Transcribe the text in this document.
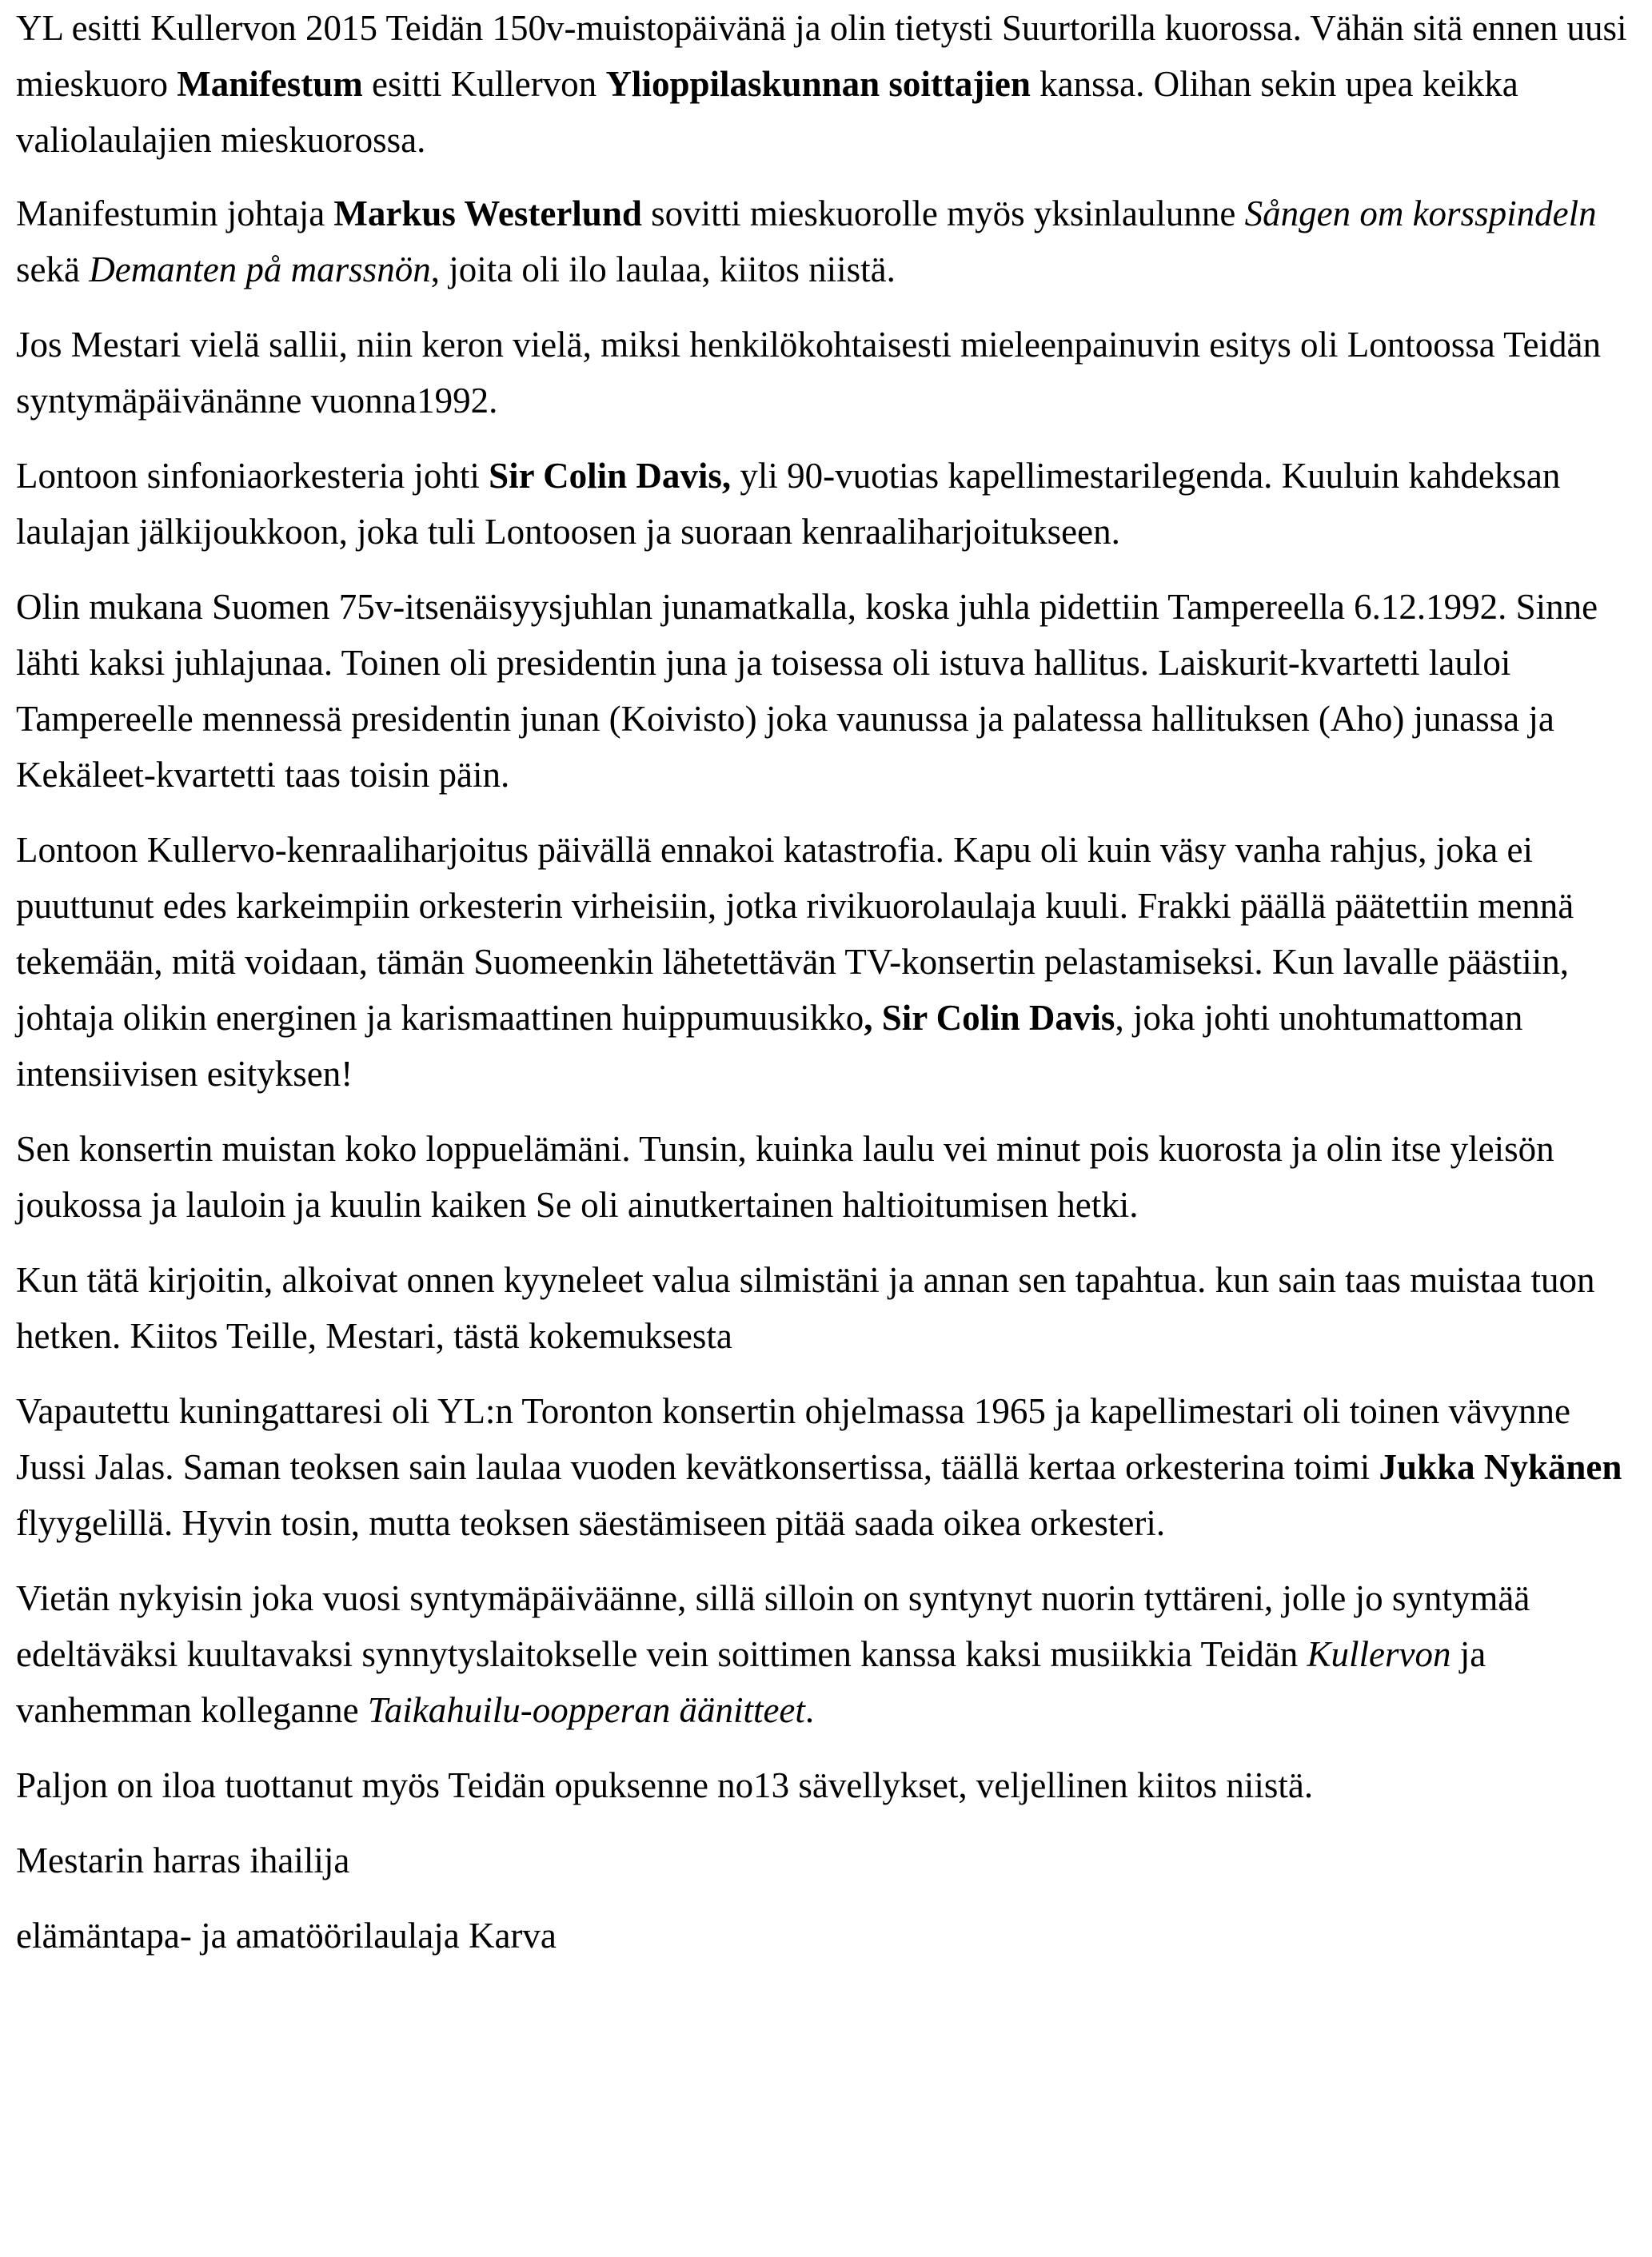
YL esitti Kullervon 2015 Teidän 150v-muistopäivänä ja olin tietysti Suurtorilla kuorossa. Vähän sitä ennen uusi mieskuoro Manifestum esitti Kullervon Ylioppilaskunnan soittajien kanssa. Olihan sekin upea keikka valiolaulajien mieskuorossa.

Manifestumin johtaja Markus Westerlund sovitti mieskuorolle myös yksinlaulunne Sången om korsspindeln sekä Demanten på marssnön, joita oli ilo laulaa, kiitos niistä.

Jos Mestari vielä sallii, niin keron vielä, miksi henkilökohtaisesti mieleenpainuvin esitys oli Lontoossa Teidän syntymäpäivänänne vuonna1992.

Lontoon sinfoniaorkesteria johti Sir Colin Davis, yli 90-vuotias kapellimestarilegenda. Kuuluin kahdeksan laulajan jälkijoukkoon, joka tuli Lontoosen ja suoraan kenraaliharjoitukseen.

Olin mukana Suomen 75v-itsenäisyysjuhlan junamatkalla, koska juhla pidettiin Tampereella 6.12.1992. Sinne lähti kaksi juhlajunaa. Toinen oli presidentin juna ja toisessa oli istuva hallitus. Laiskurit-kvartetti lauloi Tampereelle mennessä presidentin junan (Koivisto) joka vaunussa ja palatessa hallituksen (Aho) junassa ja Kekäleet-kvartetti taas toisin päin.

Lontoon Kullervo-kenraaliharjoitus päivällä ennakoi katastrofia. Kapu oli kuin väsy vanha rahjus, joka ei puuttunut edes karkeimpiin orkesterin virheisiin, jotka rivikuorolaulaja kuuli. Frakki päällä päätettiin mennä tekemään, mitä voidaan, tämän Suomeenkin lähetettävän TV-konsertin pelastamiseksi. Kun lavalle päästiin, johtaja olikin energinen ja karismaattinen huippumuusikko, Sir Colin Davis, joka johti unohtumattoman intensiivisen esityksen!

Sen konsertin muistan koko loppuelämäni. Tunsin, kuinka laulu vei minut pois kuorosta ja olin itse yleisön joukossa ja lauloin ja kuulin kaiken Se oli ainutkertainen haltioitumisen hetki.

Kun tätä kirjoitin, alkoivat onnen kyyneleet valua silmistäni ja annan sen tapahtua. kun sain taas muistaa tuon hetken. Kiitos Teille, Mestari, tästä kokemuksesta

Vapautettu kuningattaresi oli YL:n Toronton konsertin ohjelmassa 1965 ja kapellimestari oli toinen vävynne Jussi Jalas. Saman teoksen sain laulaa vuoden kevätkonsertissa, täällä kertaa orkesterina toimi Jukka Nykänen flyygelillä. Hyvin tosin, mutta teoksen säestämiseen pitää saada oikea orkesteri.

Vietän nykyisin joka vuosi syntymäpäiväänne, sillä silloin on syntynyt nuorin tyttäreni, jolle jo syntymää edeltäväksi kuultavaksi synnytyslaitokselle vein soittimen kanssa kaksi musiikkia Teidän Kullervon ja vanhemman kolleganne Taikahuilu-oopperan äänitteet.

Paljon on iloa tuottanut myös Teidän opuksenne no13 sävellykset, veljellinen kiitos niistä.

Mestarin harras ihailija

elämäntapa- ja amatöörilaulaja Karva
